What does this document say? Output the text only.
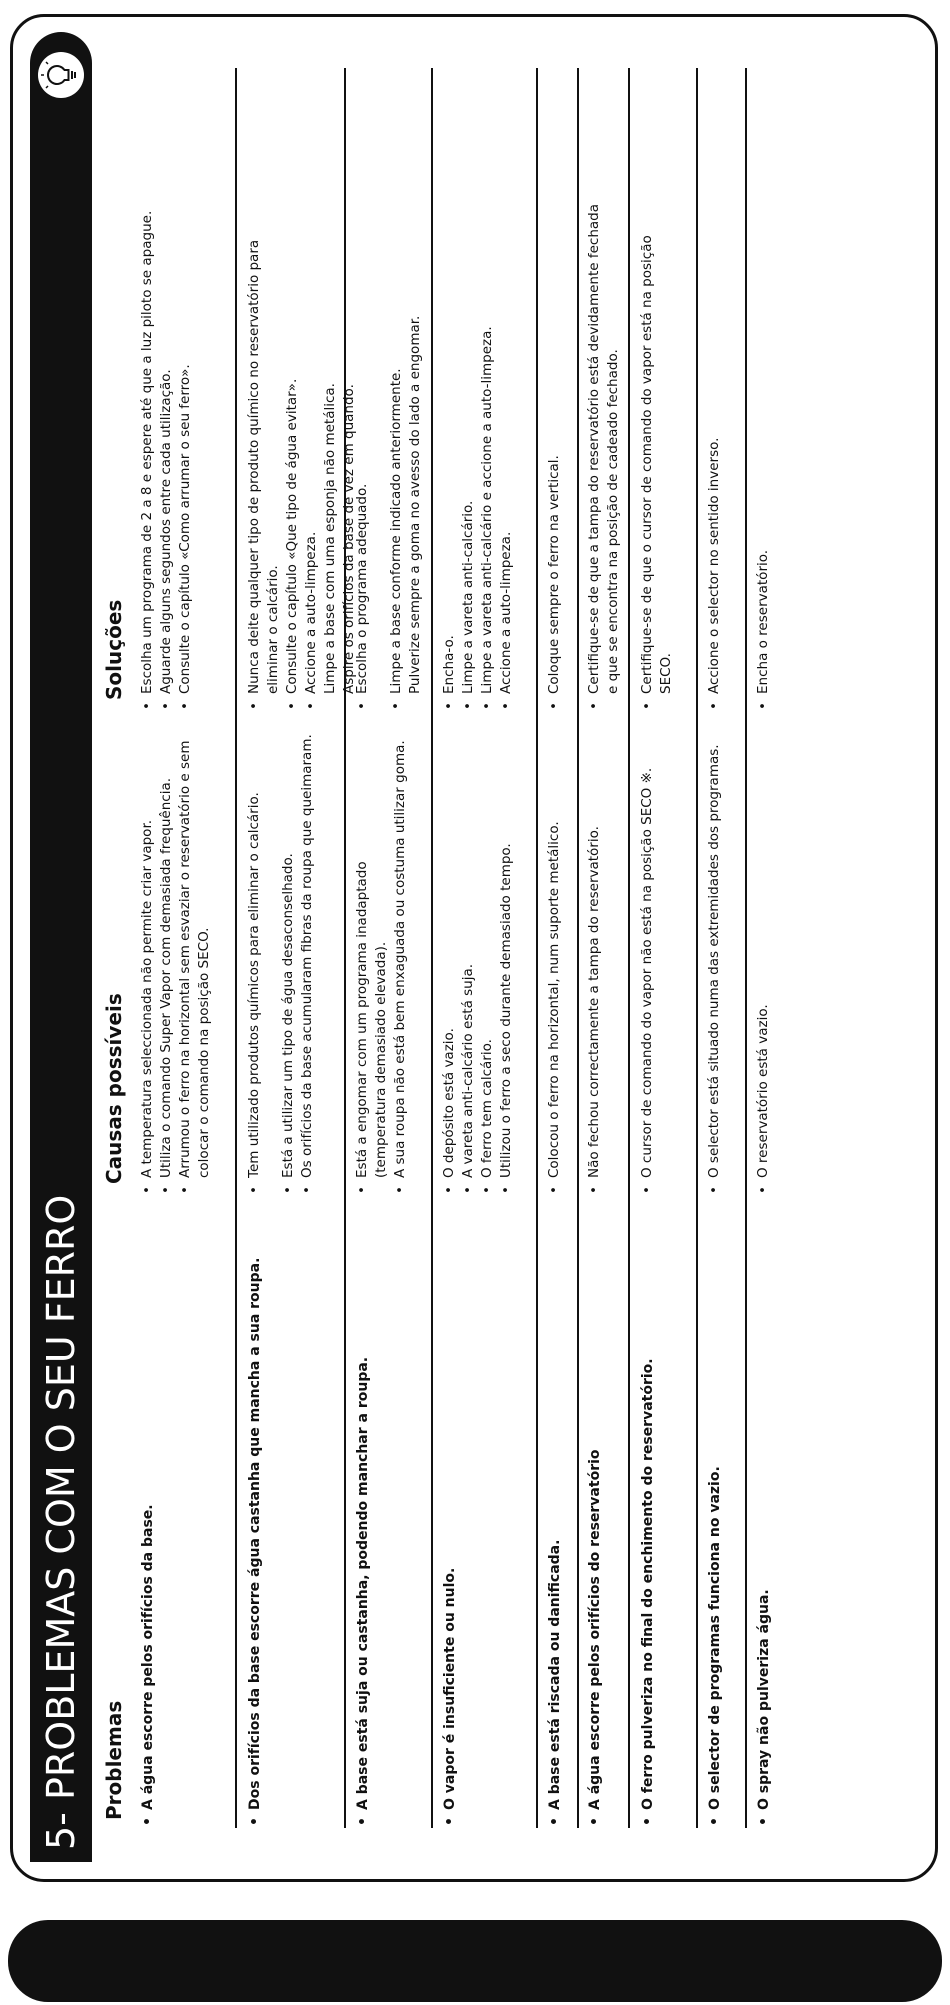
5- PROBLEMAS COM O SEU FERRO Problemas
Causas possíveis
Soluções
• A água escorre pelos orifícios da base.
• A temperatura seleccionada não permite criar vapor. • Utiliza o comando Super Vapor com demasiada frequência. • Arrumou o ferro na horizontal sem esvaziar o reservatório e sem colocar o comando na posição SECO.
• Escolha um programa de 2 a 8 e espere até que a luz piloto se apague. • Aguarde alguns segundos entre cada utilização. • Consulte o capítulo «Como arrumar o seu ferro».
• Dos orifícios da base escorre água castanha que mancha a sua roupa.
• Tem utilizado produtos químicos para eliminar o calcário. • Está a utilizar um tipo de água desaconselhado. • Os orifícios da base acumularam fibras da roupa que queimaram.
• Nunca deite qualquer tipo de produto químico no reservatório para eliminar o calcário. • Consulte o capítulo «Que tipo de água evitar». • Accione a auto-limpeza. Limpe a base com uma esponja não metálica. Aspire os orifícios da base de vez em quando.
• A base está suja ou castanha, podendo manchar a roupa.
• Está a engomar com um programa inadaptado (temperatura demasiado elevada). • A sua roupa não está bem enxaguada ou costuma utilizar goma.
• Escolha o programa adequado. • Limpe a base conforme indicado anteriormente. Pulverize sempre a goma no avesso do lado a engomar.
• O vapor é insuficiente ou nulo.
• O depósito está vazio. • A vareta anti-calcário está suja. • O ferro tem calcário. • Utilizou o ferro a seco durante demasiado tempo.
• Encha-o. • Limpe a vareta anti-calcário. • Limpe a vareta anti-calcário e accione a auto-limpeza. • Accione a auto-limpeza.
• A base está riscada ou danificada.
• Colocou o ferro na horizontal, num suporte metálico.
• Coloque sempre o ferro na vertical.
• A água escorre pelos orifícios do reservatório
• Não fechou correctamente a tampa do reservatório.
• Certifique-se de que a tampa do reservatório está devidamente fechada e que se encontra na posição de cadeado fechado.
• O ferro pulveriza no final do enchimento do reservatório.
• O cursor de comando do vapor não está na posição SECO ※.
• Certifique-se de que o cursor de comando do vapor está na posição SECO.
• O selector de programas funciona no vazio.
• O selector está situado numa das extremidades dos programas.
• Accione o selector no sentido inverso.
• O spray não pulveriza água.
• O reservatório está vazio.
• Encha o reservatório.
